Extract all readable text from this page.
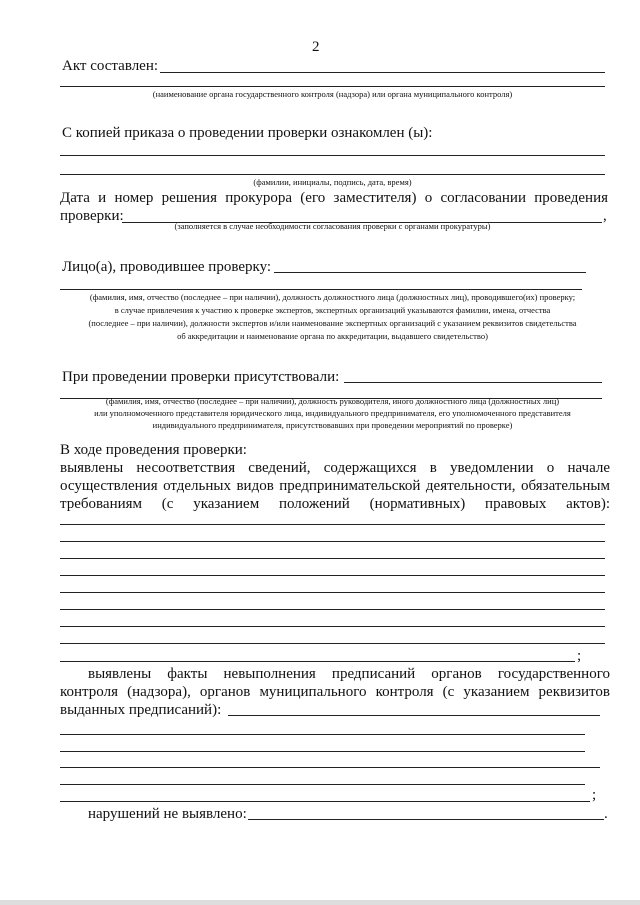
2
Акт составлен:
(наименование органа государственного контроля (надзора) или органа муниципального контроля)
С копией приказа о проведении проверки ознакомлен (ы):
(фамилии, инициалы, подпись, дата, время)
Дата и номер решения прокурора (его заместителя) о согласовании проведения
проверки:	,
(заполняется в случае необходимости согласования проверки с органами прокуратуры)
Лицо(а), проводившее проверку:
(фамилия, имя, отчество (последнее – при наличии), должность должностного лица (должностных лиц), проводившего(их) проверку;
в случае привлечения к участию к проверке экспертов, экспертных организаций указываются фамилии, имена, отчества
(последнее – при наличии), должности экспертов и/или наименование экспертных организаций с указанием реквизитов свидетельства
об аккредитации и наименование органа по аккредитации, выдавшего свидетельство)
При проведении проверки присутствовали:
(фамилия, имя, отчество (последнее – при наличии), должность руководителя, иного должностного лица (должностных лиц)
или уполномоченного представителя юридического лица, индивидуального предпринимателя, его уполномоченного представителя
индивидуального предпринимателя, присутствовавших при проведении мероприятий по проверке)
В ходе проведения проверки:
выявлены несоответствия сведений, содержащихся в уведомлении о начале
осуществления отдельных видов предпринимательской деятельности, обязательным
требованиям (с указанием положений (нормативных) правовых актов):
;
выявлены факты невыполнения предписаний органов государственного
контроля (надзора), органов муниципального контроля (с указанием реквизитов
выданных предписаний):
;
нарушений не выявлено:	.
